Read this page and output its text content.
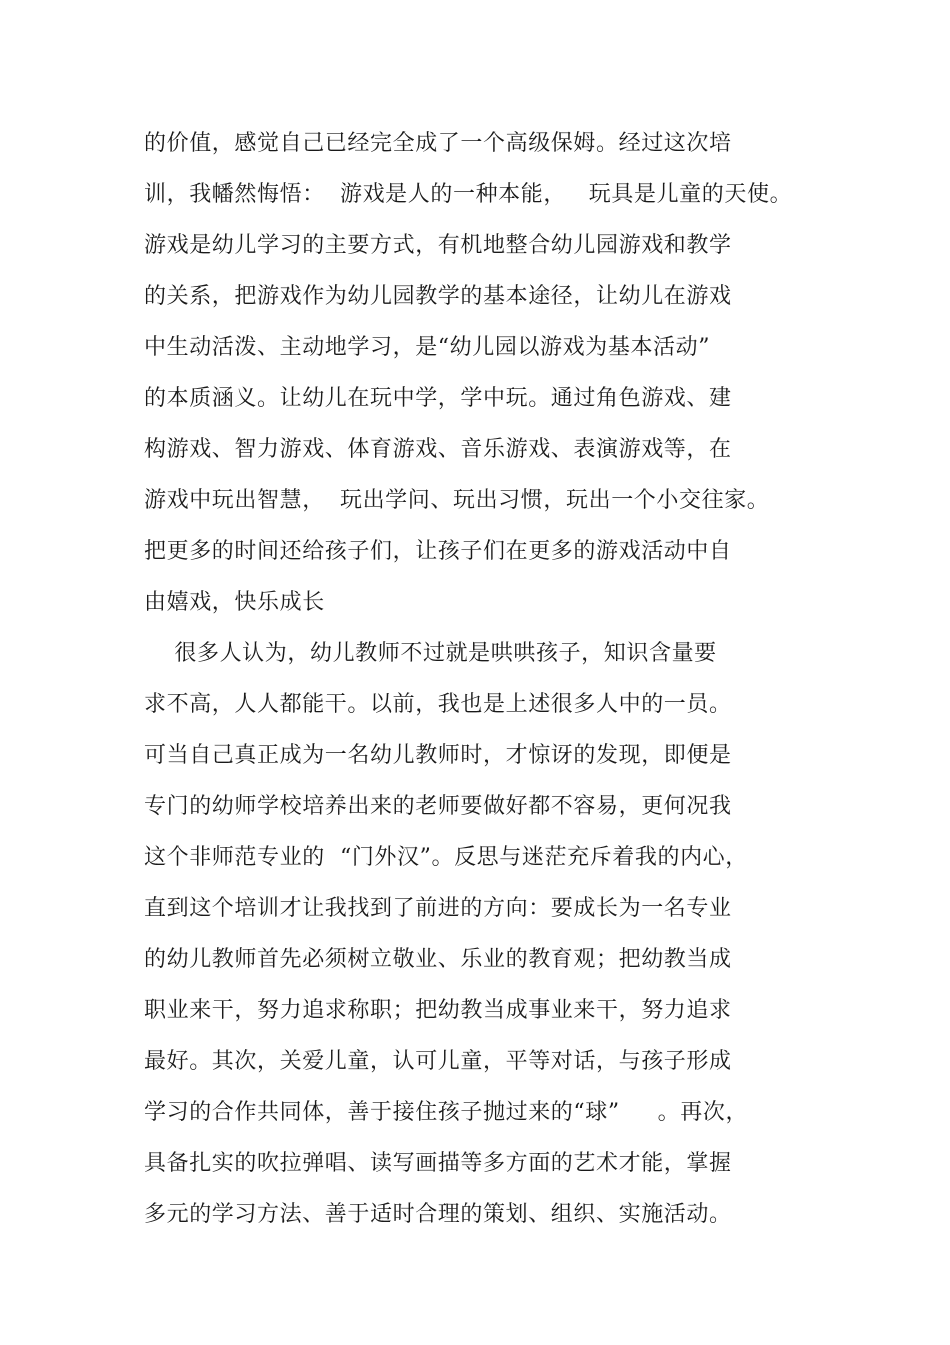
的价值，感觉自己已经完全成了一个高级保姆。经过这次培
训，我幡然悔悟：  游戏是人的一种本能，   玩具是儿童的天使。
游戏是幼儿学习的主要方式，有机地整合幼儿园游戏和教学
的关系，把游戏作为幼儿园教学的基本途径，让幼儿在游戏
中生动活泼、主动地学习，是“幼儿园以游戏为基本活动”
的本质涵义。让幼儿在玩中学，学中玩。通过角色游戏、建
构游戏、智力游戏、体育游戏、音乐游戏、表演游戏等，在
游戏中玩出智慧，  玩出学问、玩出习惯，玩出一个小交往家。
把更多的时间还给孩子们，让孩子们在更多的游戏活动中自
由嬉戏，快乐成长
很多人认为，幼儿教师不过就是哄哄孩子，知识含量要
求不高，人人都能干。以前，我也是上述很多人中的一员。
可当自己真正成为一名幼儿教师时，才惊讶的发现，即便是
专门的幼师学校培养出来的老师要做好都不容易，更何况我
这个非师范专业的  “门外汉”。反思与迷茫充斥着我的内心，
直到这个培训才让我找到了前进的方向：要成长为一名专业
的幼儿教师首先必须树立敬业、乐业的教育观；把幼教当成
职业来干，努力追求称职；把幼教当成事业来干，努力追求
最好。其次，关爱儿童，认可儿童，平等对话，与孩子形成
学习的合作共同体，善于接住孩子抛过来的“球”     。再次，
具备扎实的吹拉弹唱、读写画描等多方面的艺术才能，掌握
多元的学习方法、善于适时合理的策划、组织、实施活动。
